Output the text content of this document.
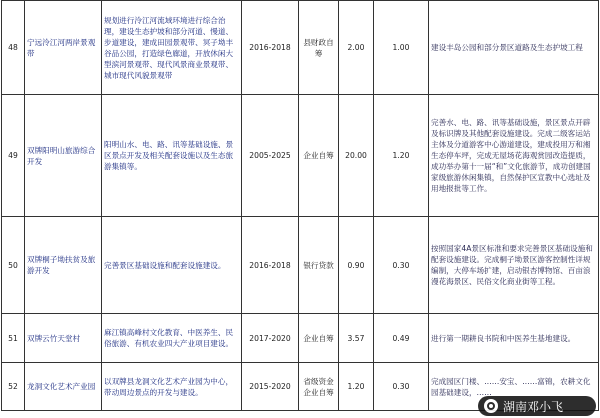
48	宁远泠江河两岸景观带	规划进行泠江河流域环境进行综合治理，建设生态护坡和部分河道、慢道、步道建设，建成田园景观带、冥子坳丰谷品公园，打造绿色廊道，开放休闲大型滨河景观带、现代风景商业景观带、城市现代风貌景观带	2016-2018	县财政自筹	2.00	1.00	建设丰岛公园和部分景区道路及生态护坡工程
49	双牌阳明山旅游综合开发	阳明山水、电、路、讯等基础设施、景区景点开发及相关配套设施以及生态旅游集镇等。	2005-2025	企业自筹	20.00	1.20	完善水、电、路、讯等基础设施，景区景点开辟及标识牌及其他配套设施建设。完成二级客运站主体及分道游客中心游道建设，建成投用万和湘生态停车坪，完成无屋场花海观赏园改造提质，成功举办第十一届“和”文化旅游节，成功创建国家级旅游休闲集镇，自然保护区宣教中心选址及用地报批等工作。
50	双牌桐子坳扶贫及旅游开发	完善景区基础设施和配套设施建设。	2016-2018	银行贷款	0.90	0.30	按照国家4A景区标准和要求完善景区基础设施和配套设施建设。完成桐子坳景区游客控制性详规编制，大停车场扩建，启动银杏博物馆、百亩浪漫花海景区、民俗文化商业街等工程。
51	双牌云竹天堂村	麻江镇高峰村文化教育、中医养生、民俗旅游、有机农业四大产业项目建设。	2017-2020	企业自筹	3.57	0.49	进行第一期耕良书院和中医养生基地建设。
52	龙洞文化艺术产业园	以双牌县龙洞文化艺术产业园为中心，带动周边景点的开发与建设。	2015-2020	省级资金企业自筹	1.20	0.30	完成园区门楼、……安宝、……富锦，农耕文化园基础建设，……
湖南邓小飞
